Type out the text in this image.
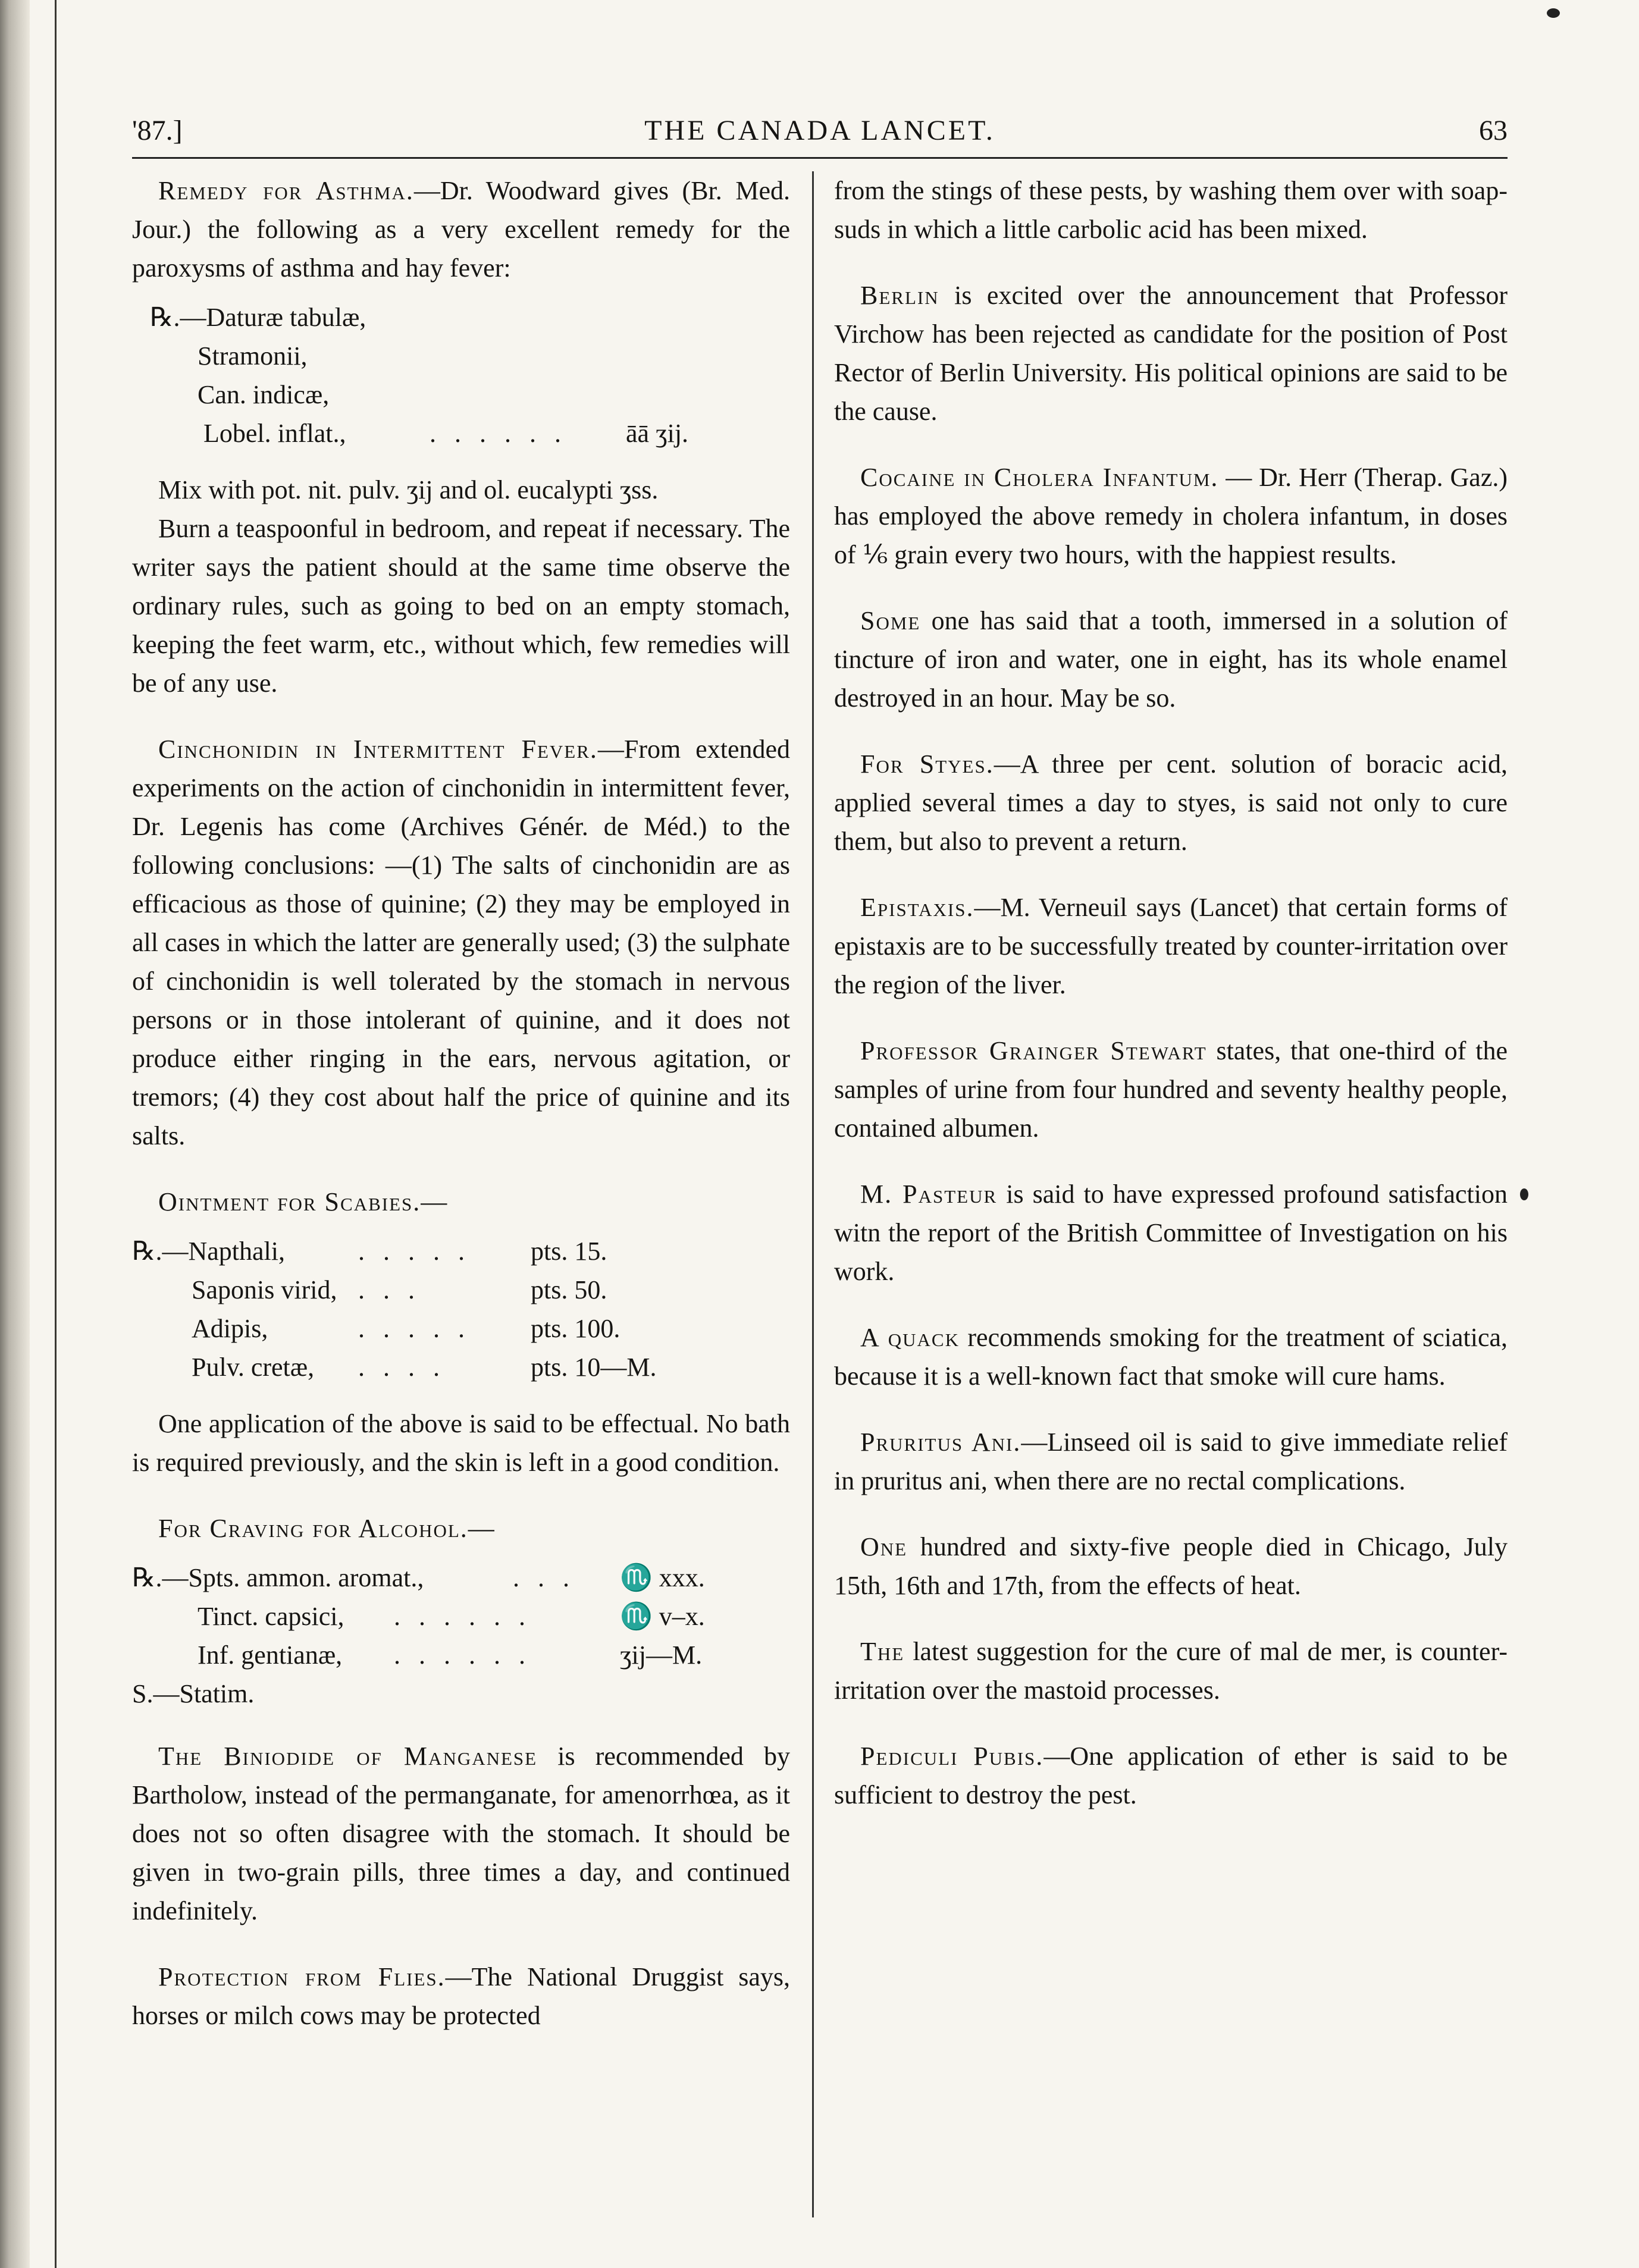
'87.]	THE CANADA LANCET.	63

Remedy for Asthma.—Dr. Woodward gives (Br. Med. Jour.) the following as a very excellent remedy for the paroxysms of asthma and hay fever:

℞.—Daturæ tabulæ,
Stramonii,
Can. indicæ,
Lobel. inflat.,	. . . . . .	āā ʒij.

Mix with pot. nit. pulv. ʒij and ol. eucalypti ʒss.

Burn a teaspoonful in bedroom, and repeat if necessary. The writer says the patient should at the same time observe the ordinary rules, such as going to bed on an empty stomach, keeping the feet warm, etc., without which, few remedies will be of any use.

Cinchonidin in Intermittent Fever.—From extended experiments on the action of cinchonidin in intermittent fever, Dr. Legenis has come (Archives Génér. de Méd.) to the following conclusions: —(1) The salts of cinchonidin are as efficacious as those of quinine; (2) they may be employed in all cases in which the latter are generally used; (3) the sulphate of cinchonidin is well tolerated by the stomach in nervous persons or in those intolerant of quinine, and it does not produce either ringing in the ears, nervous agitation, or tremors; (4) they cost about half the price of quinine and its salts.

Ointment for Scabies.—

℞.—Napthali,	. . . . .	pts. 15.
Saponis virid, . . .	pts. 50.
Adipis,	. . . . .	pts. 100.
Pulv. cretæ,	. . . .	pts. 10—M.

One application of the above is said to be effectual. No bath is required previously, and the skin is left in a good condition.

For Craving for Alcohol.—

℞.—Spts. ammon. aromat.,	. . .	♏ xxx.
Tinct. capsici,	. . . . . .	♏ v–x.
Inf. gentianæ,	. . . . . .	ʒij—M.
S.—Statim.

The Biniodide of Manganese is recommended by Bartholow, instead of the permanganate, for amenorrhœa, as it does not so often disagree with the stomach. It should be given in two-grain pills, three times a day, and continued indefinitely.

Protection from Flies.—The National Druggist says, horses or milch cows may be protected

from the stings of these pests, by washing them over with soap-suds in which a little carbolic acid has been mixed.

Berlin is excited over the announcement that Professor Virchow has been rejected as candidate for the position of Post Rector of Berlin University. His political opinions are said to be the cause.

Cocaine in Cholera Infantum. — Dr. Herr (Therap. Gaz.) has employed the above remedy in cholera infantum, in doses of ⅙ grain every two hours, with the happiest results.

Some one has said that a tooth, immersed in a solution of tincture of iron and water, one in eight, has its whole enamel destroyed in an hour. May be so.

For Styes.—A three per cent. solution of boracic acid, applied several times a day to styes, is said not only to cure them, but also to prevent a return.

Epistaxis.—M. Verneuil says (Lancet) that certain forms of epistaxis are to be successfully treated by counter-irritation over the region of the liver.

Professor Grainger Stewart states, that one-third of the samples of urine from four hundred and seventy healthy people, contained albumen.

M. Pasteur is said to have expressed profound satisfaction witn the report of the British Committee of Investigation on his work.

A quack recommends smoking for the treatment of sciatica, because it is a well-known fact that smoke will cure hams.

Pruritus Ani.—Linseed oil is said to give immediate relief in pruritus ani, when there are no rectal complications.

One hundred and sixty-five people died in Chicago, July 15th, 16th and 17th, from the effects of heat.

The latest suggestion for the cure of mal de mer, is counter-irritation over the mastoid processes.

Pediculi Pubis.—One application of ether is said to be sufficient to destroy the pest.
